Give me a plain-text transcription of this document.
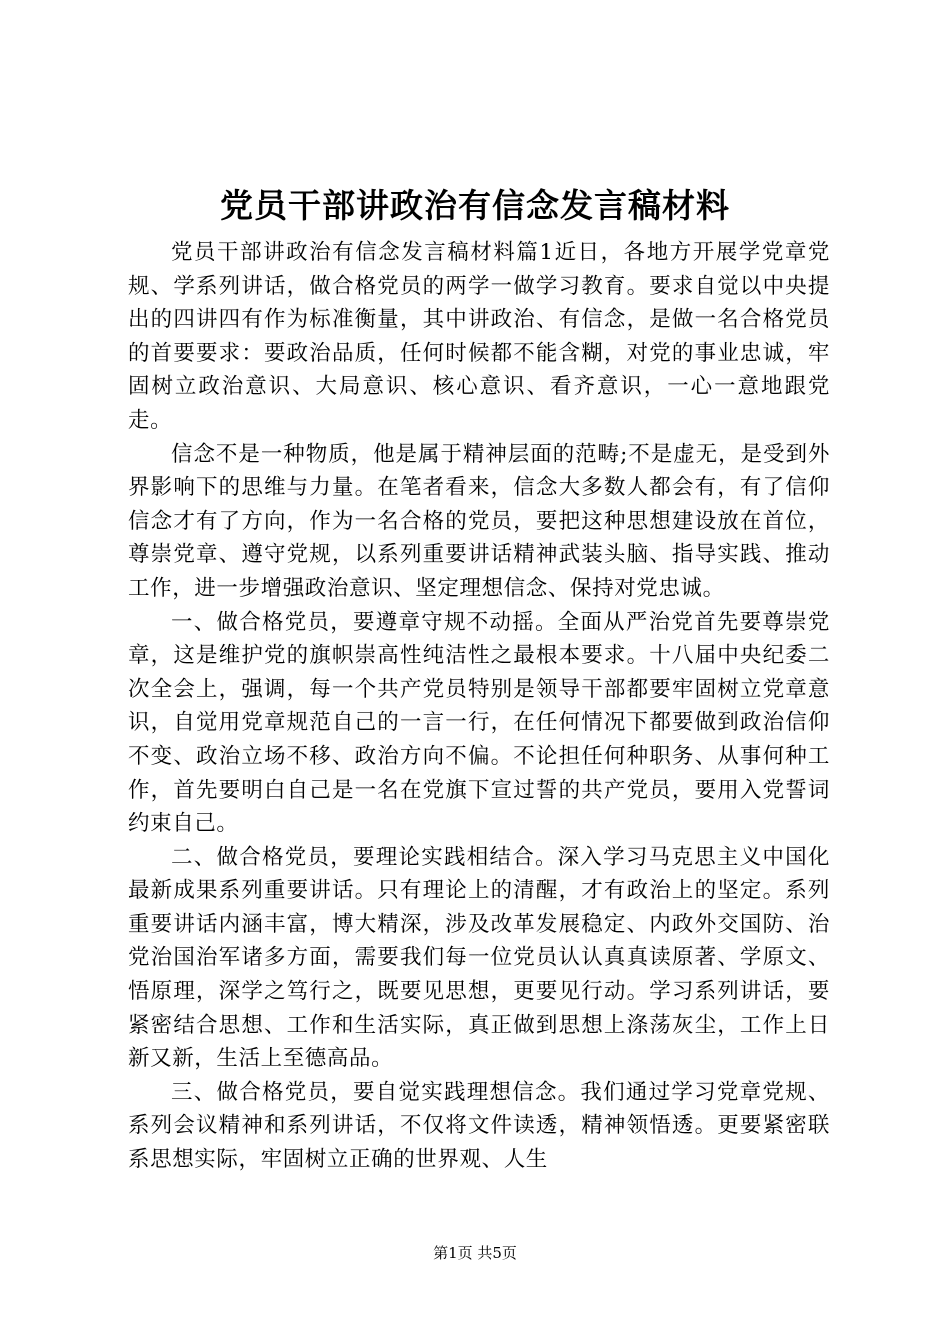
党员干部讲政治有信念发言稿材料

党员干部讲政治有信念发言稿材料篇1近日，各地方开展学党章党规、学系列讲话，做合格党员的两学一做学习教育。要求自觉以中央提出的四讲四有作为标准衡量，其中讲政治、有信念，是做一名合格党员的首要要求：要政治品质，任何时候都不能含糊，对党的事业忠诚，牢固树立政治意识、大局意识、核心意识、看齐意识，一心一意地跟党走。

信念不是一种物质，他是属于精神层面的范畴;不是虚无，是受到外界影响下的思维与力量。在笔者看来，信念大多数人都会有，有了信仰信念才有了方向，作为一名合格的党员，要把这种思想建设放在首位，尊崇党章、遵守党规，以系列重要讲话精神武装头脑、指导实践、推动工作，进一步增强政治意识、坚定理想信念、保持对党忠诚。

一、做合格党员，要遵章守规不动摇。全面从严治党首先要尊崇党章，这是维护党的旗帜崇高性纯洁性之最根本要求。十八届中央纪委二次全会上，强调，每一个共产党员特别是领导干部都要牢固树立党章意识，自觉用党章规范自己的一言一行，在任何情况下都要做到政治信仰不变、政治立场不移、政治方向不偏。不论担任何种职务、从事何种工作，首先要明白自己是一名在党旗下宣过誓的共产党员，要用入党誓词约束自己。

二、做合格党员，要理论实践相结合。深入学习马克思主义中国化最新成果系列重要讲话。只有理论上的清醒，才有政治上的坚定。系列重要讲话内涵丰富，博大精深，涉及改革发展稳定、内政外交国防、治党治国治军诸多方面，需要我们每一位党员认认真真读原著、学原文、悟原理，深学之笃行之，既要见思想，更要见行动。学习系列讲话，要紧密结合思想、工作和生活实际，真正做到思想上涤荡灰尘，工作上日新又新，生活上至德高品。

三、做合格党员，要自觉实践理想信念。我们通过学习党章党规、系列会议精神和系列讲话，不仅将文件读透，精神领悟透。更要紧密联系思想实际，牢固树立正确的世界观、人生

第1页 共5页
